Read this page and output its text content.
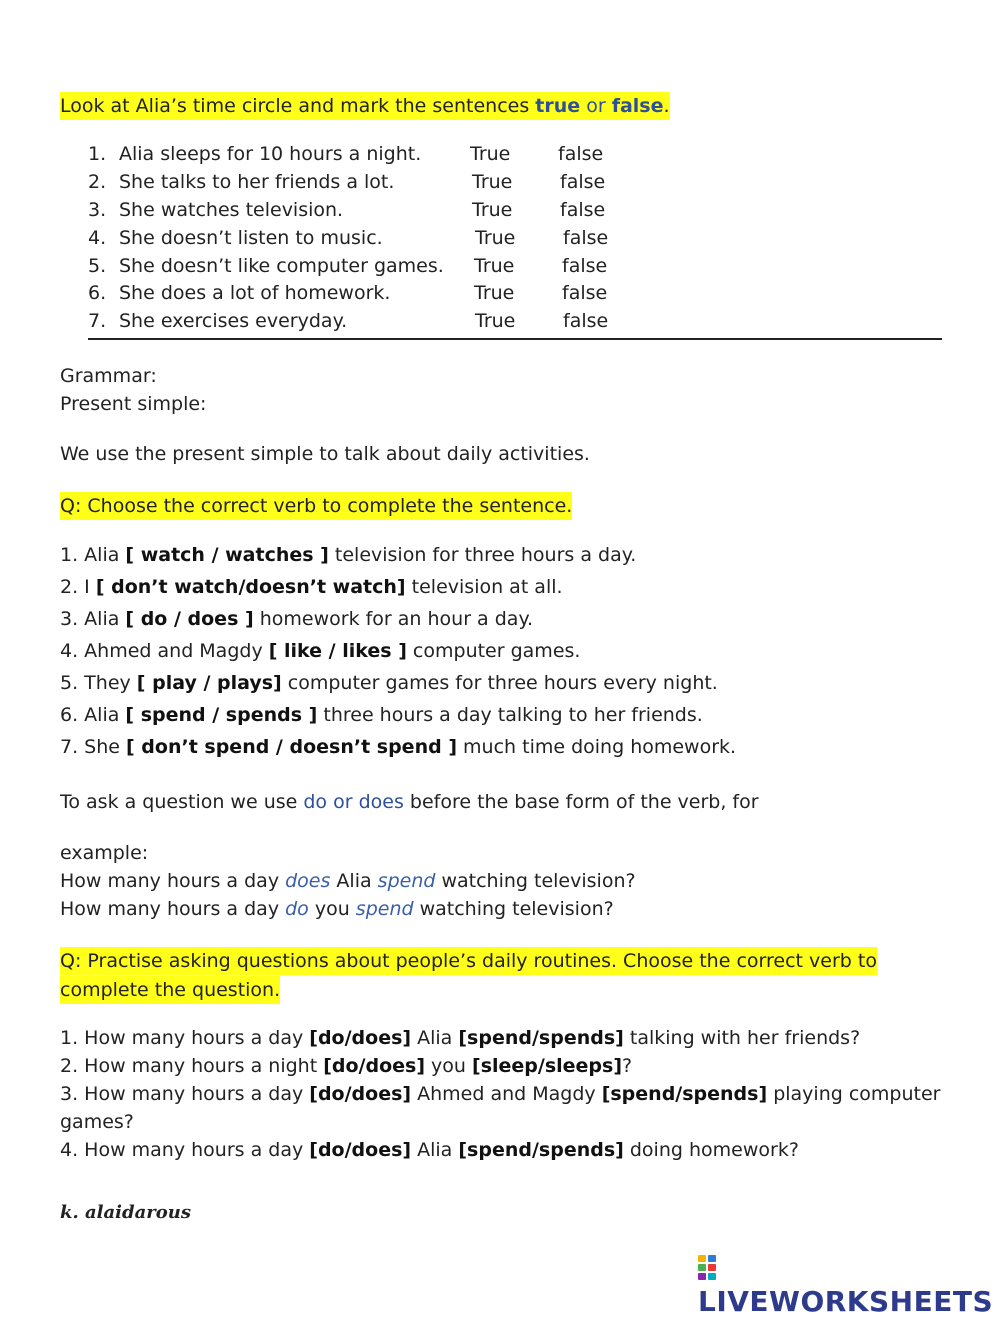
Look at Alia’s time circle and mark the sentences true or false.
1. Alia sleeps for 10 hours a night.	True	false
2. She talks to her friends a lot.	True	false
3. She watches television.	True	false
4. She doesn’t listen to music.	True	false
5. She doesn’t like computer games. True	false
6. She does a lot of homework.	True	false
7. She exercises everyday.	True	false
Grammar:
Present simple:
We use the present simple to talk about daily activities.
Q: Choose the correct verb to complete the sentence.
1. Alia [ watch / watches ] television for three hours a day.
2. I [ don’t watch/doesn’t watch] television at all.
3. Alia [ do / does ] homework for an hour a day.
4. Ahmed and Magdy [ like / likes ] computer games.
5. They [ play / plays] computer games for three hours every night.
6. Alia [ spend / spends ] three hours a day talking to her friends.
7. She [ don’t spend / doesn’t spend ] much time doing homework.
To ask a question we use do or does before the base form of the verb, for
example:
How many hours a day does Alia spend watching television?
How many hours a day do you spend watching television?
Q: Practise asking questions about people’s daily routines. Choose the correct verb to
complete the question.
1. How many hours a day [do/does] Alia [spend/spends] talking with her friends?
2. How many hours a night [do/does] you [sleep/sleeps]?
3. How many hours a day [do/does] Ahmed and Magdy [spend/spends] playing computer
games?
4. How many hours a day [do/does] Alia [spend/spends] doing homework?
k. alaidarous
LIVEWORKSHEETS
